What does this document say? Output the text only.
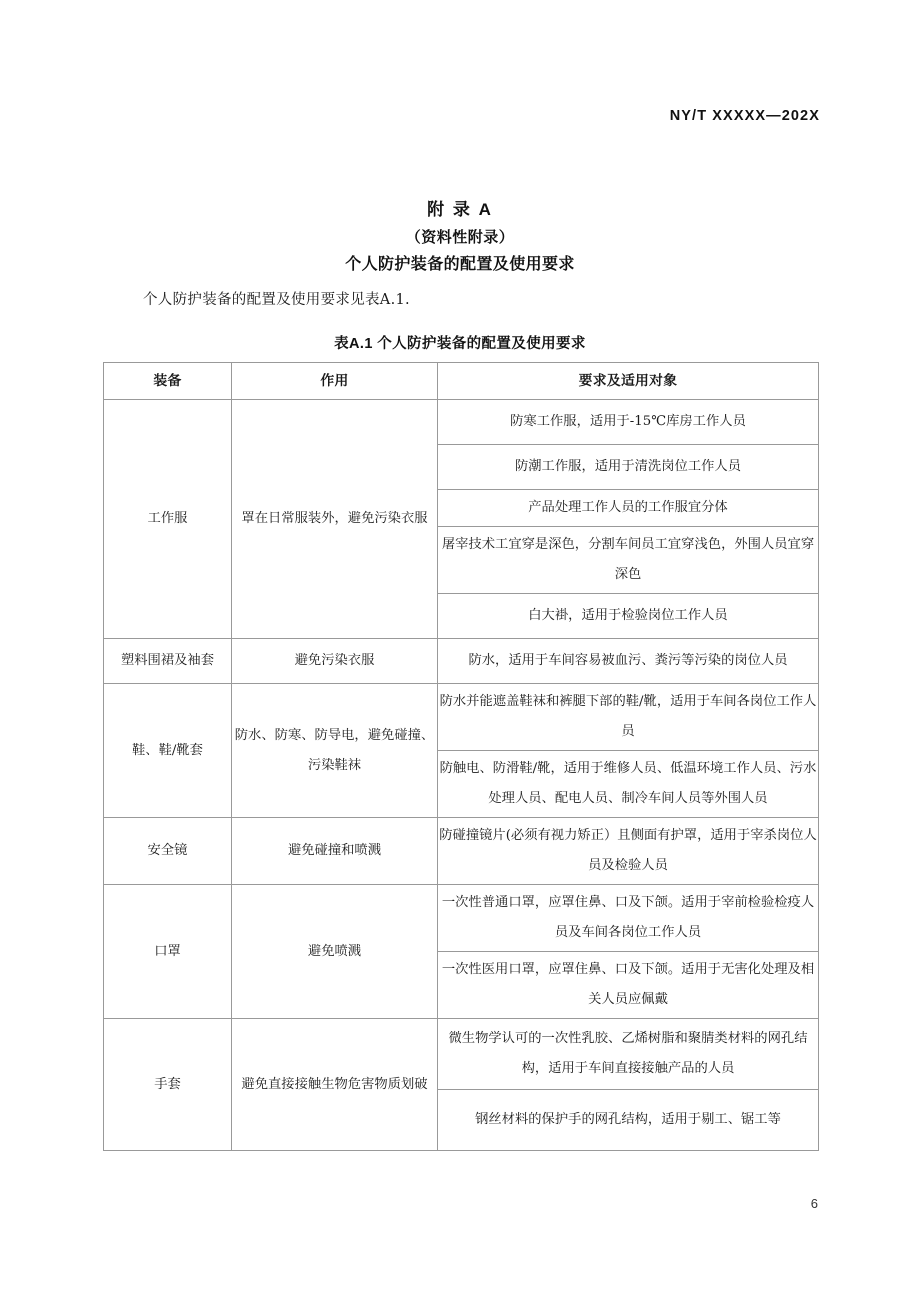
NY/T XXXXX—202X
附 录 A
（资料性附录）
个人防护装备的配置及使用要求
个人防护装备的配置及使用要求见表A.1.
表A.1 个人防护装备的配置及使用要求
装备	作用	要求及适用对象
工作服	罩在日常服装外，避免污染衣服	防寒工作服，适用于-15℃库房工作人员
		防潮工作服，适用于清洗岗位工作人员
		产品处理工作人员的工作服宜分体
		屠宰技术工宜穿是深色，分割车间员工宜穿浅色，外围人员宜穿深色
		白大褂，适用于检验岗位工作人员
塑料围裙及袖套	避免污染衣服	防水，适用于车间容易被血污、粪污等污染的岗位人员
鞋、鞋/靴套	防水、防寒、防导电，避免碰撞、污染鞋袜	防水并能遮盖鞋袜和裤腿下部的鞋/靴，适用于车间各岗位工作人员
		防触电、防滑鞋/靴，适用于维修人员、低温环境工作人员、污水处理人员、配电人员、制冷车间人员等外围人员
安全镜	避免碰撞和喷溅	防碰撞镜片(必须有视力矫正）且侧面有护罩，适用于宰杀岗位人员及检验人员
口罩	避免喷溅	一次性普通口罩，应罩住鼻、口及下颌。适用于宰前检验检疫人员及车间各岗位工作人员
		一次性医用口罩，应罩住鼻、口及下颌。适用于无害化处理及相关人员应佩戴
手套	避免直接接触生物危害物质划破	微生物学认可的一次性乳胶、乙烯树脂和聚腈类材料的网孔结构，适用于车间直接接触产品的人员
		钢丝材料的保护手的网孔结构，适用于剔工、锯工等
6
